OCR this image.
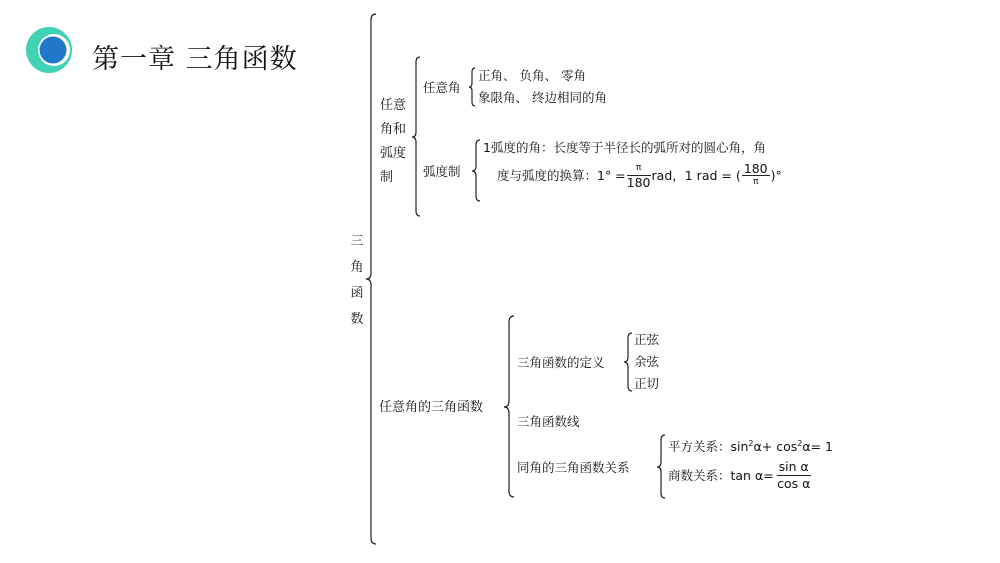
第一章 三角函数
三角函数
任意角和弧度制
任意角
正角、 负角、 零角
象限角、 终边相同的角
弧度制
1弧度的角：长度等于半径长的弧所对的圆心角，角
度与弧度的换算：$1^\circ = \frac{\pi}{180}$ rad，1 rad = ( $\frac{180}{\pi}$ )°
任意角的三角函数
三角函数的定义
正弦
余弦
正切
三角函数线
同角的三角函数关系
平方关系：$\sin^2\alpha+ \cos^2\alpha= 1$
商数关系：$\tan \alpha= \frac{\text{sin α}}{\text{cos α}}$
